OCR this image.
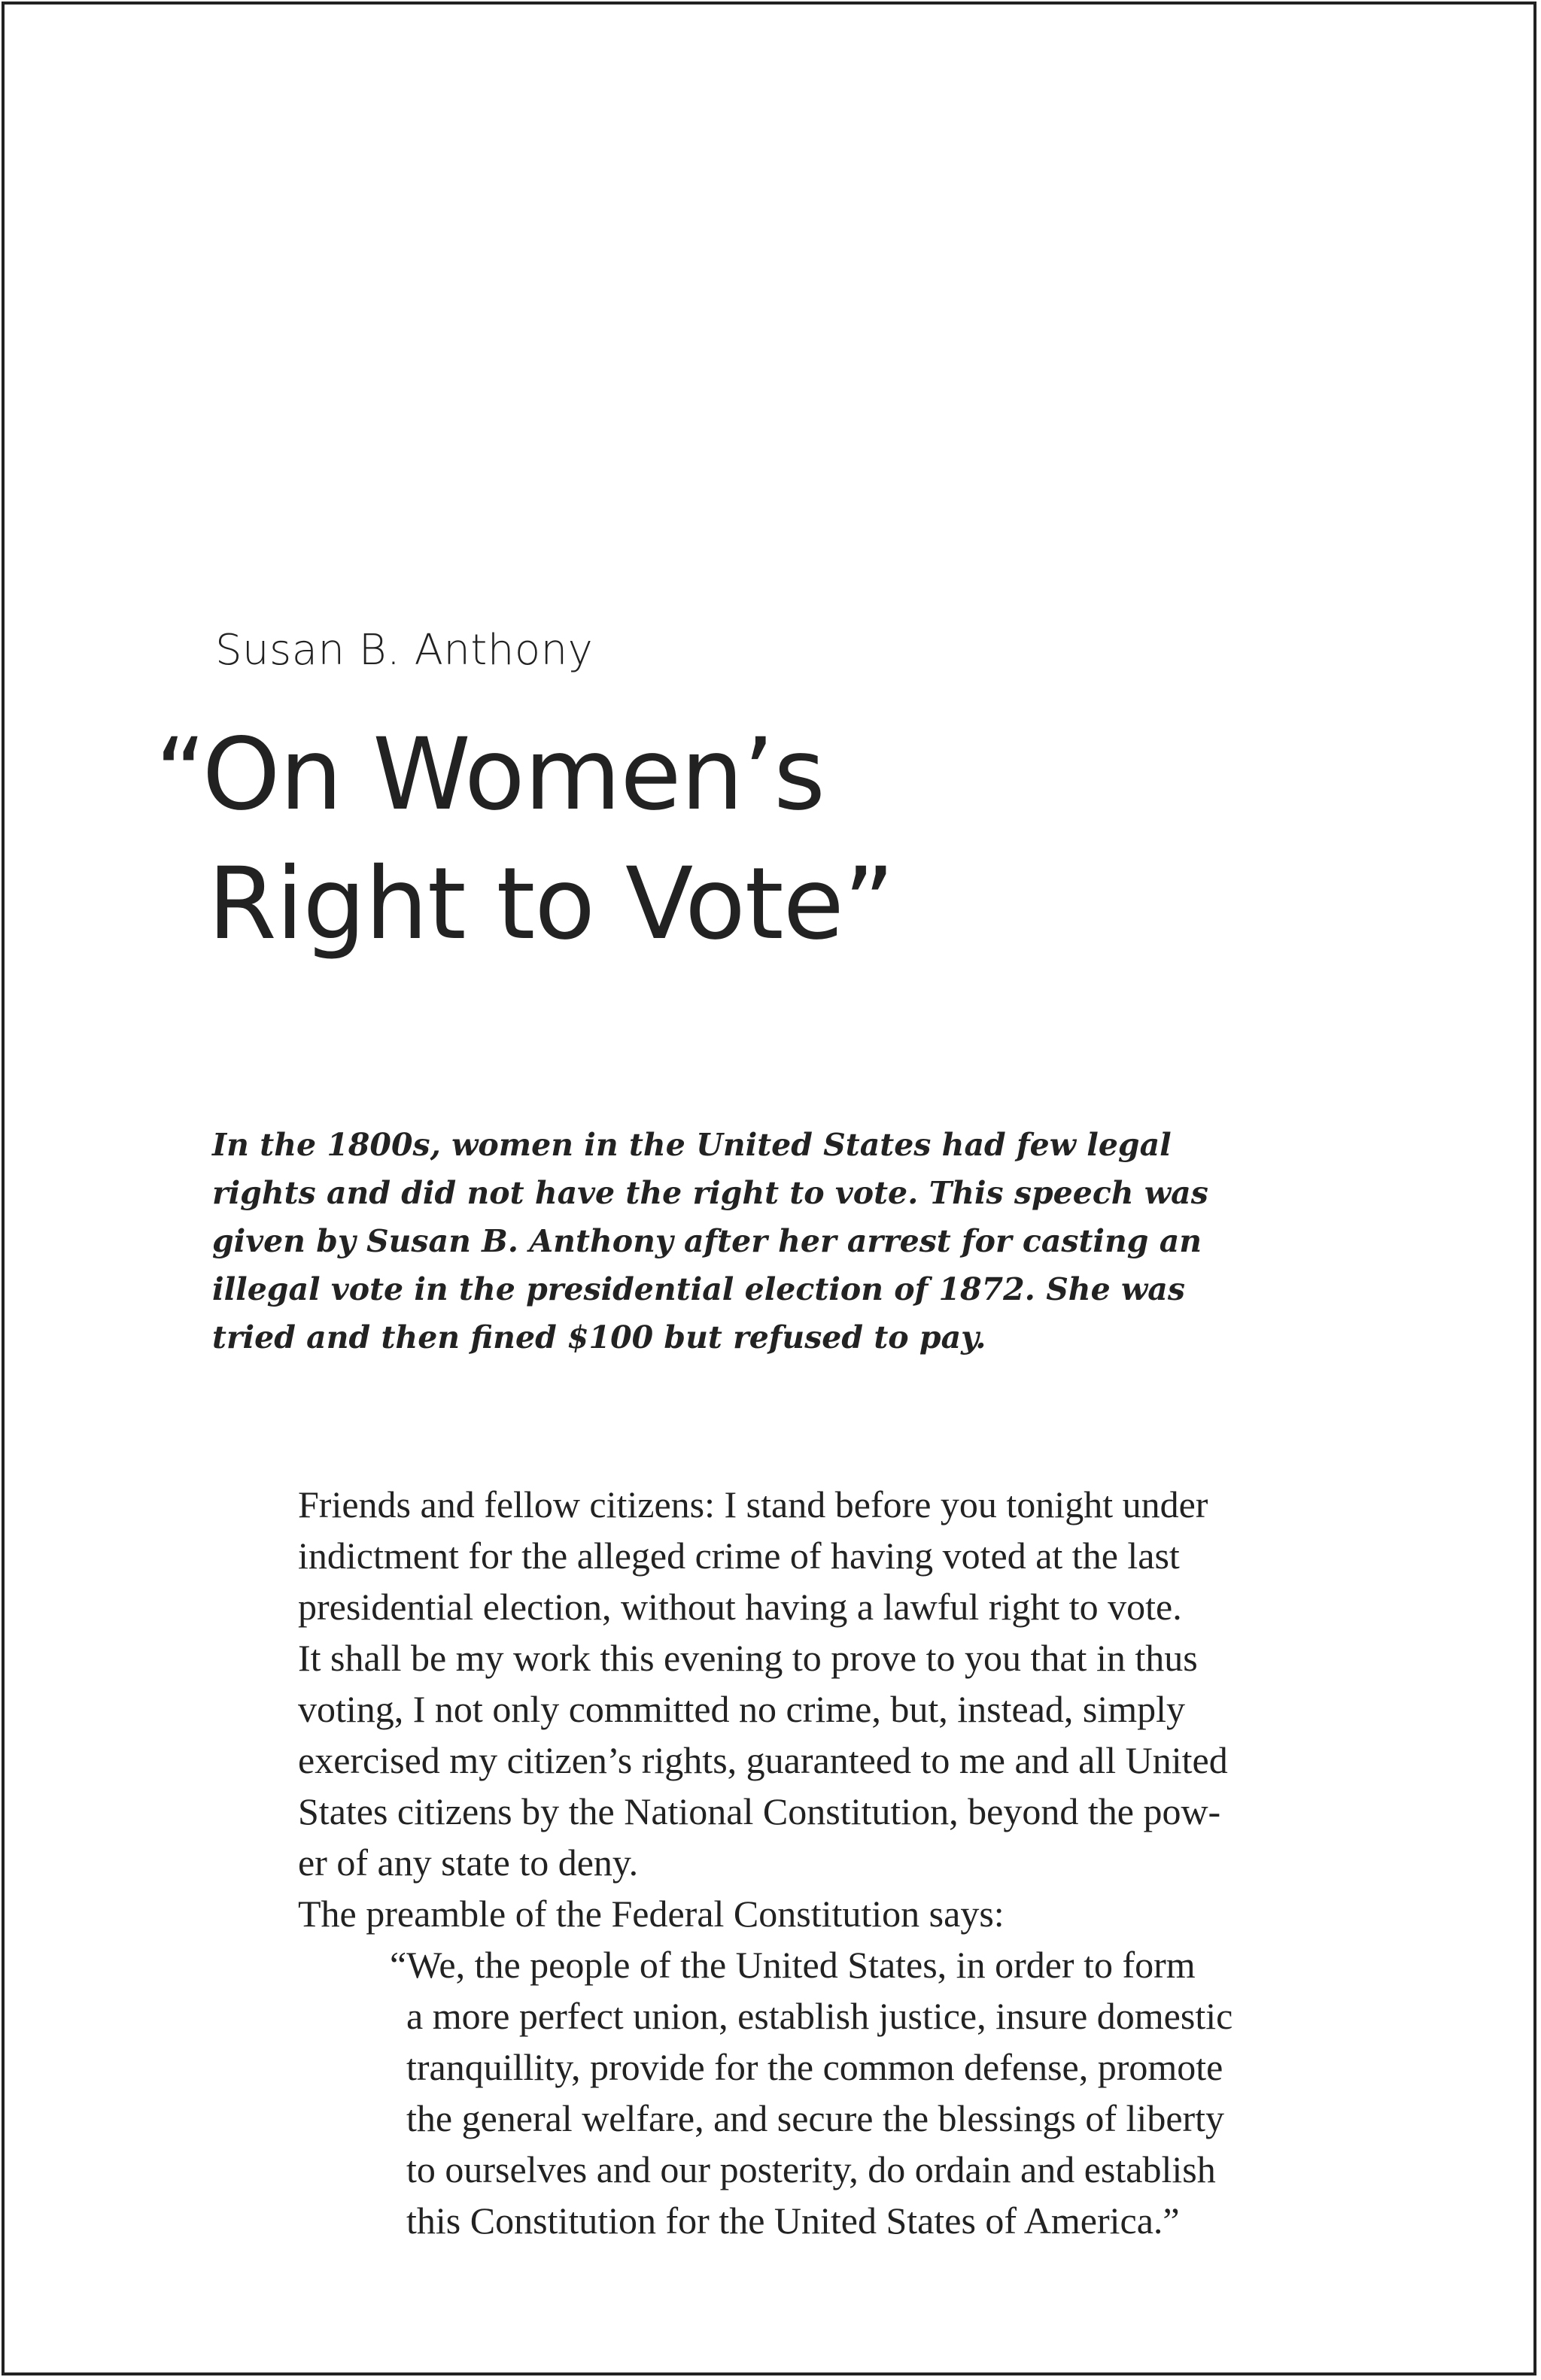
Susan B. Anthony
“On Women’s
Right to Vote”
In the 1800s, women in the United States had few legal
rights and did not have the right to vote. This speech was
given by Susan B. Anthony after her arrest for casting an
illegal vote in the presidential election of 1872. She was
tried and then fined $100 but refused to pay.
Friends and fellow citizens: I stand before you tonight under
indictment for the alleged crime of having voted at the last
presidential election, without having a lawful right to vote.
It shall be my work this evening to prove to you that in thus
voting, I not only committed no crime, but, instead, simply
exercised my citizen’s rights, guaranteed to me and all United
States citizens by the National Constitution, beyond the pow-
er of any state to deny.
The preamble of the Federal Constitution says:
“We, the people of the United States, in order to form
a more perfect union, establish justice, insure domestic
tranquillity, provide for the common defense, promote
the general welfare, and secure the blessings of liberty
to ourselves and our posterity, do ordain and establish
this Constitution for the United States of America.”
